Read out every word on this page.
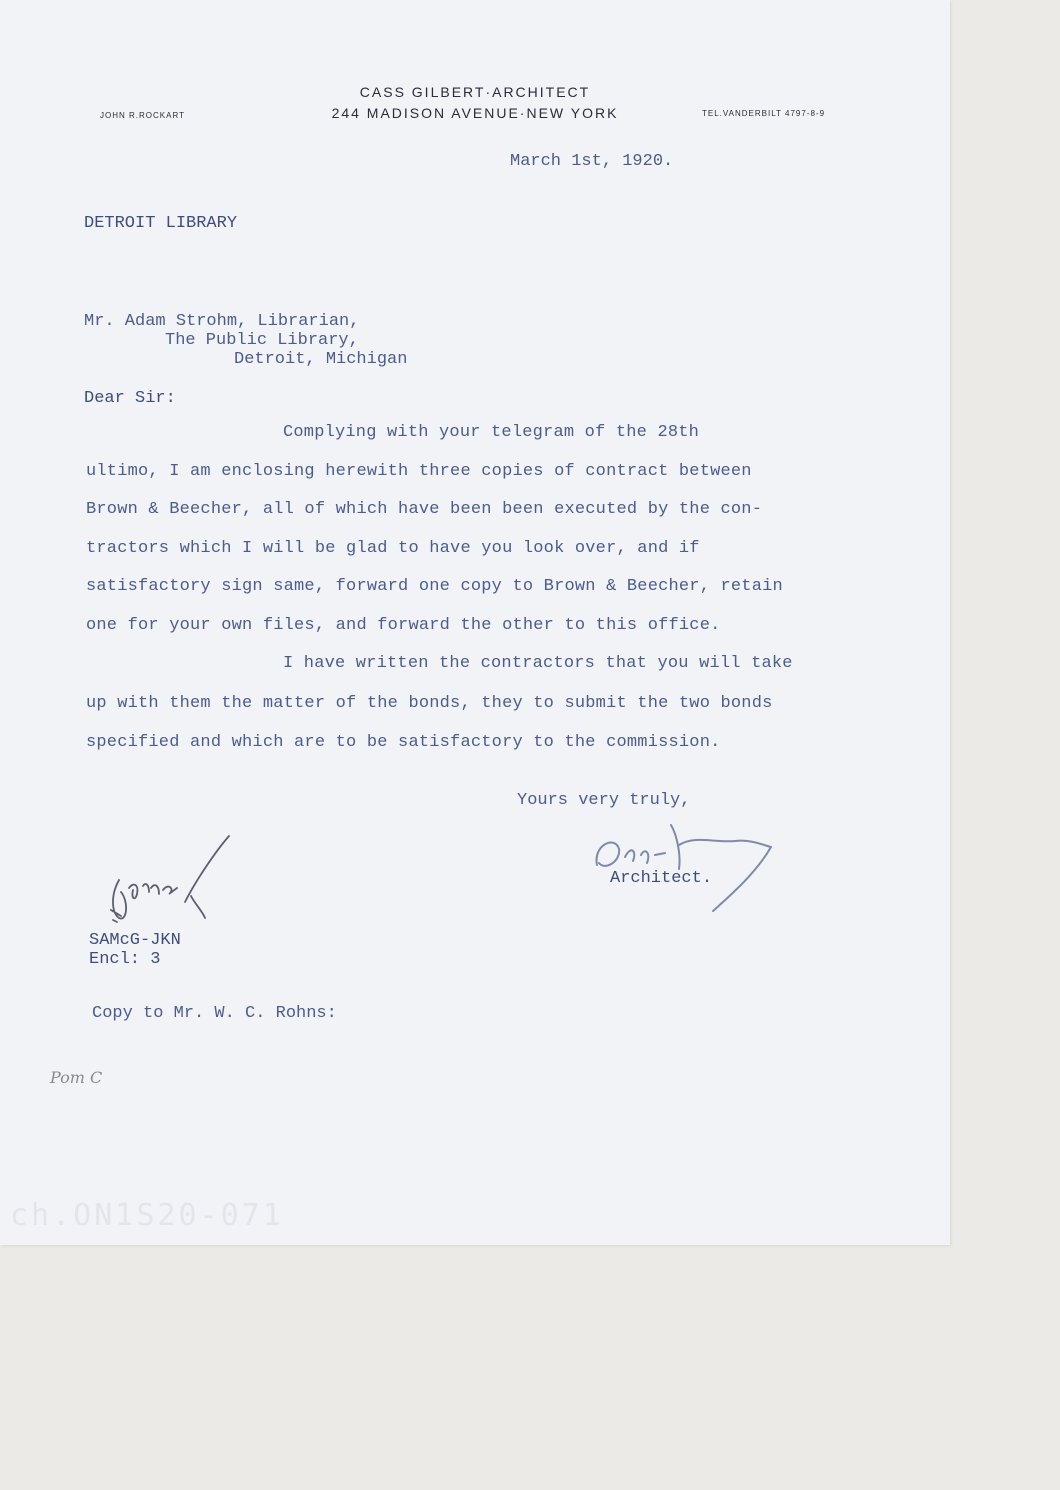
CASS GILBERT·ARCHITECT
244 MADISON AVENUE·NEW YORK
JOHN R.ROCKART	TEL.VANDERBILT 4797-8-9
March 1st, 1920.
DETROIT LIBRARY
Mr. Adam Strohm, Librarian,
The Public Library,
Detroit, Michigan
Dear Sir:
Complying with your telegram of the 28th
ultimo, I am enclosing herewith three copies of contract between
Brown & Beecher, all of which have been been executed by the con-
tractors which I will be glad to have you look over, and if
satisfactory sign same, forward one copy to Brown & Beecher, retain
one for your own files, and forward the other to this office.
I have written the contractors that you will take
up with them the matter of the bonds, they to submit the two bonds
specified and which are to be satisfactory to the commission.
Yours very truly,
Architect.
SAMcG-JKN
Encl: 3
Copy to Mr. W. C. Rohns:
Pom C
ch.ON1S20-071
